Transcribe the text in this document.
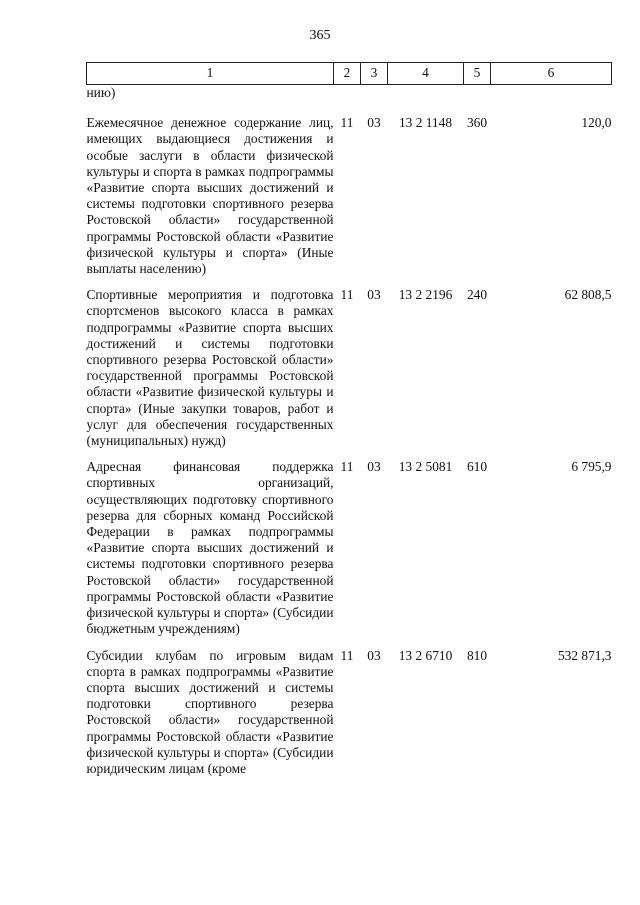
365
1	2	3	4	5	6
нию)					
Ежемесячное денежное содержание лиц, имеющих выдающиеся достижения и особые заслуги в области физической культуры и спорта в рамках подпрограммы «Развитие спорта высших достижений и системы подготовки спортивного резерва Ростовской области» государственной программы Ростовской области «Развитие физической культуры и спорта» (Иные выплаты населению)	11	03	13 2 1148	360	120,0
Спортивные мероприятия и подготовка спортсменов высокого класса в рамках подпрограммы «Развитие спорта высших достижений и системы подготовки спортивного резерва Ростовской области» государственной программы Ростовской области «Развитие физической культуры и спорта» (Иные закупки товаров, работ и услуг для обеспечения государственных (муниципальных) нужд)	11	03	13 2 2196	240	62 808,5
Адресная финансовая поддержка спортивных организаций, осуществляющих подготовку спортивного резерва для сборных команд Российской Федерации в рамках подпрограммы «Развитие спорта высших достижений и системы подготовки спортивного резерва Ростовской области» государственной программы Ростовской области «Развитие физической культуры и спорта» (Субсидии бюджетным учреждениям)	11	03	13 2 5081	610	6 795,9
Субсидии клубам по игровым видам спорта в рамках подпрограммы «Развитие спорта высших достижений и системы подготовки спортивного резерва Ростовской области» государственной программы Ростовской области «Развитие физической культуры и спорта» (Субсидии юридическим лицам (кроме	11	03	13 2 6710	810	532 871,3
